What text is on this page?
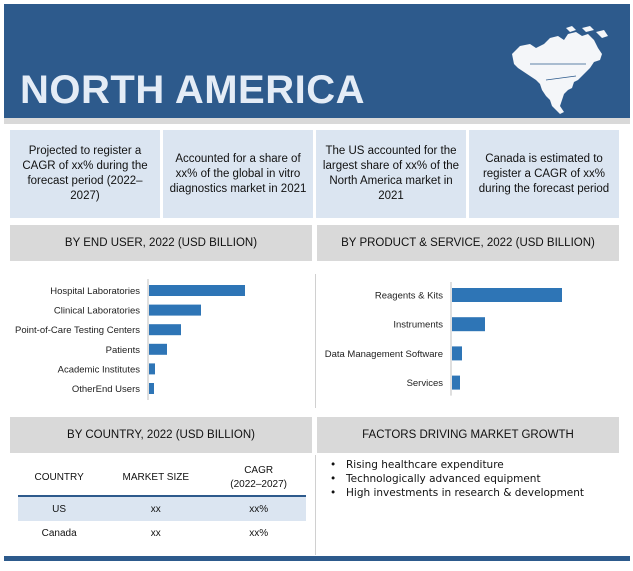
NORTH AMERICA
Projected to register a CAGR of xx% during the forecast period (2022–2027)
Accounted for a share of xx% of the global in vitro diagnostics market in 2021
The US accounted for the largest share of xx% of the North America market in 2021
Canada is estimated to register a CAGR of xx% during the forecast period
BY END USER, 2022 (USD BILLION)	BY PRODUCT & SERVICE, 2022 (USD BILLION)
Hospital Laboratories
Clinical Laboratories
Point-of-Care Testing Centers
Patients
Academic Institutes
OtherEnd Users
Reagents & Kits
Instruments
Data Management Software
Services
BY COUNTRY, 2022 (USD BILLION)	FACTORS DRIVING MARKET GROWTH
COUNTRY	MARKET SIZE	CAGR
(2022–2027)
US	xx	xx%
Canada	xx	xx%
• Rising healthcare expenditure
• Technologically advanced equipment
• High investments in research & development
